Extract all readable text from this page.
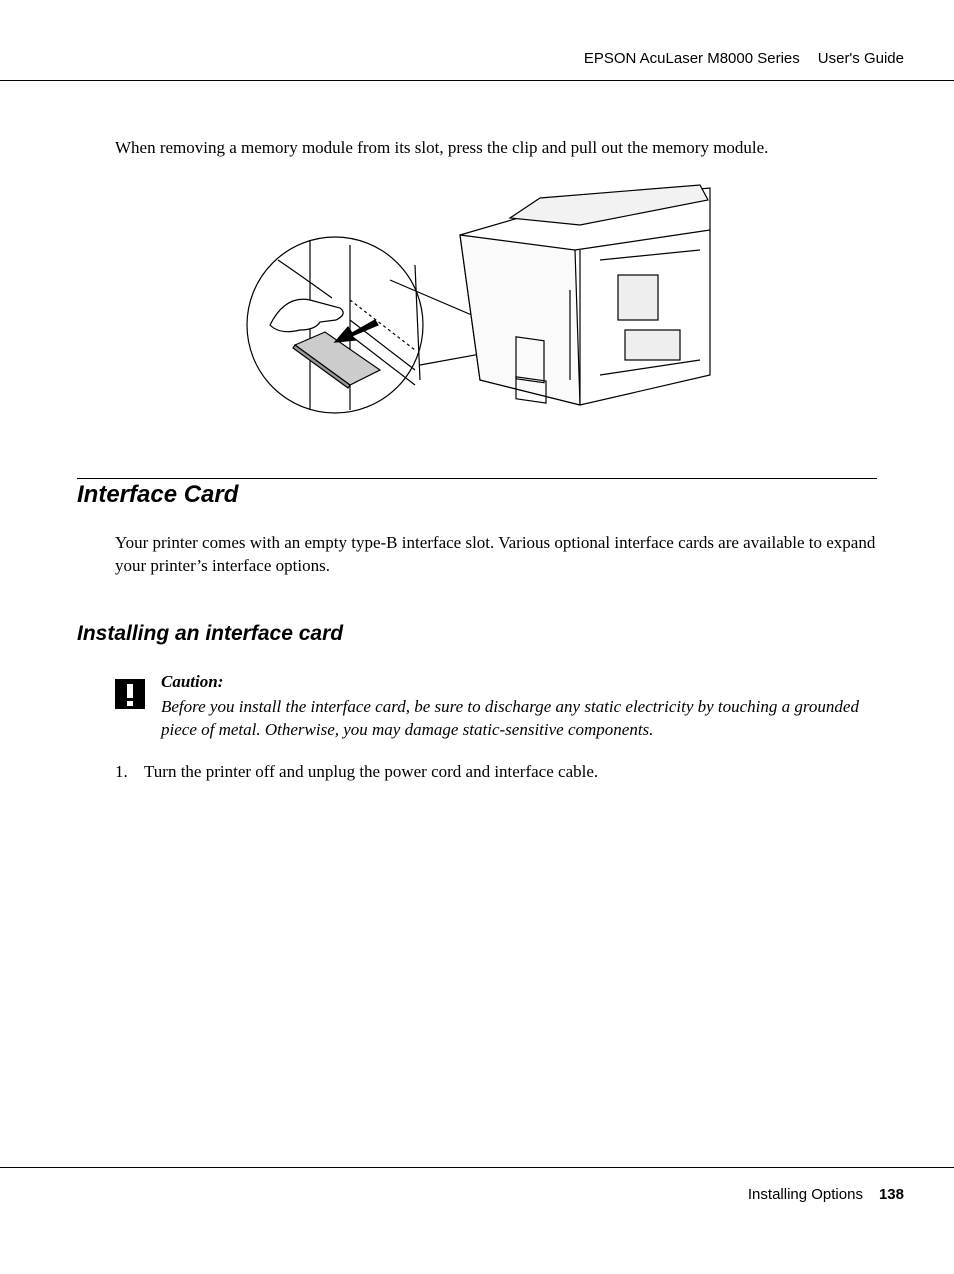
EPSON AcuLaser M8000 Series User's Guide
When removing a memory module from its slot, press the clip and pull out the memory module.
Interface Card
Your printer comes with an empty type-B interface slot. Various optional interface cards are available to expand your printer’s interface options.
Installing an interface card
Caution:
Before you install the interface card, be sure to discharge any static electricity by touching a grounded piece of metal. Otherwise, you may damage static-sensitive components.
1. Turn the printer off and unplug the power cord and interface cable.
Installing Options 138
